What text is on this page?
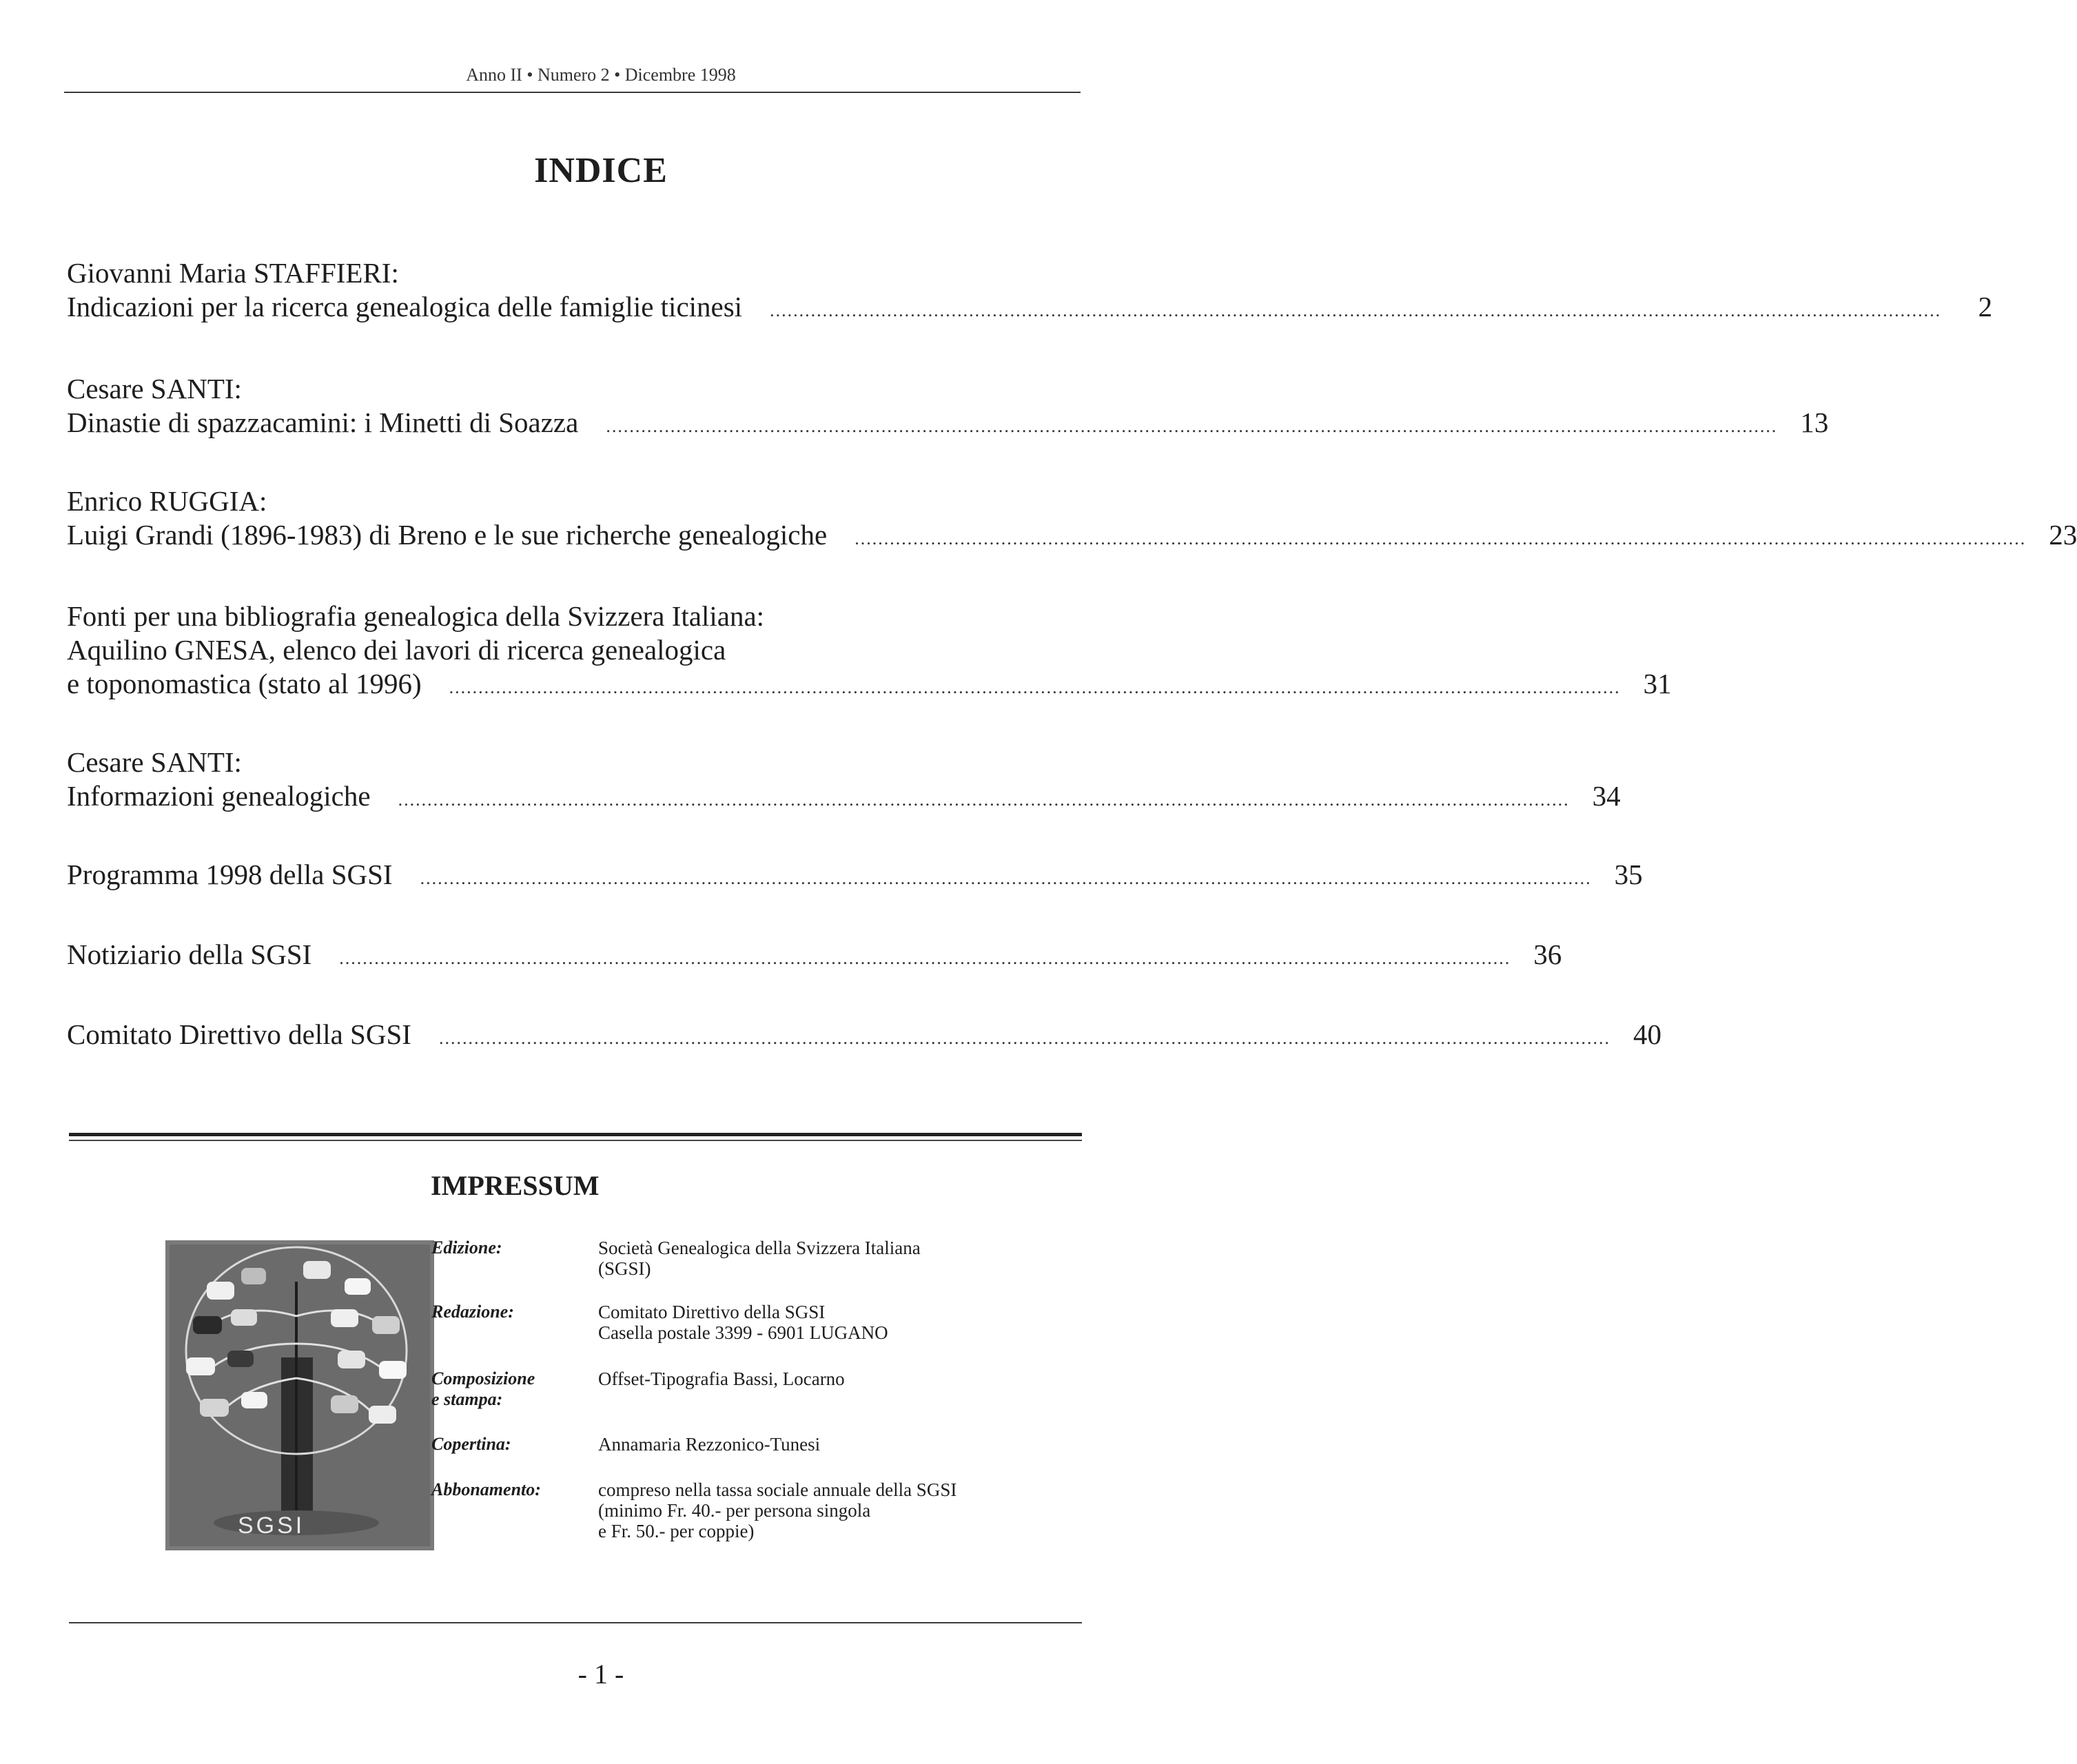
Anno II • Numero 2 • Dicembre 1998
INDICE
Giovanni Maria STAFFIERI:
Indicazioni per la ricerca genealogica delle famiglie ticinesi ........................................................................................................................................................................................................	2
Cesare SANTI:
Dinastie di spazzacamini: i Minetti di Soazza ........................................................................................................................................................................................................ 13
Enrico RUGGIA:
Luigi Grandi (1896-1983) di Breno e le sue richerche genealogiche ........................................................................................................................................................................................................ 23
Fonti per una bibliografia genealogica della Svizzera Italiana:
Aquilino GNESA, elenco dei lavori di ricerca genealogica
e toponomastica (stato al 1996) ........................................................................................................................................................................................................ 31
Cesare SANTI:
Informazioni genealogiche ........................................................................................................................................................................................................ 34
Programma 1998 della SGSI ........................................................................................................................................................................................................ 35
Notiziario della SGSI ........................................................................................................................................................................................................ 36
Comitato Direttivo della SGSI ........................................................................................................................................................................................................ 40
IMPRESSUM
SGSI
Edizione:	Società Genealogica della Svizzera Italiana
(SGSI)
Redazione:	Comitato Direttivo della SGSI
Casella postale 3399 - 6901 LUGANO
Composizione
e stampa:
Offset-Tipografia Bassi, Locarno
Copertina:	Annamaria Rezzonico-Tunesi
Abbonamento:	compreso nella tassa sociale annuale della SGSI
(minimo Fr. 40.- per persona singola
e Fr. 50.- per coppie)
- 1 -
